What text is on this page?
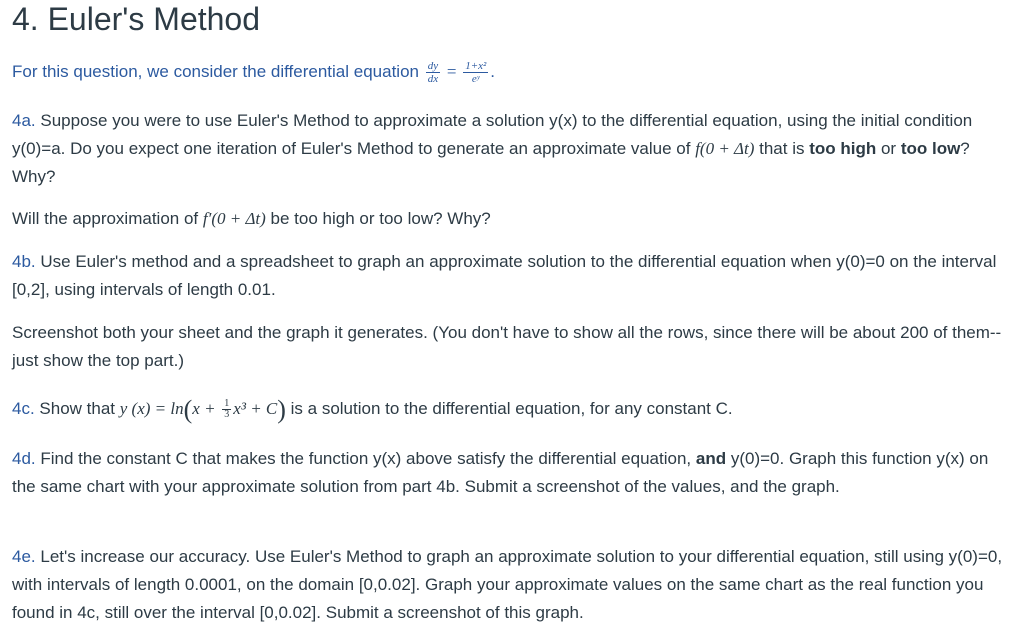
4. Euler's Method
For this question, we consider the differential equation $\frac{dy}{dx} = \frac{\text{1+x²}}{\text{eʸ}}$ .
4a. Suppose you were to use Euler's Method to approximate a solution y(x) to the differential equation, using the initial condition y(0)=a. Do you expect one iteration of Euler's Method to generate an approximate value of f(0 + Δt) that is too high or too low? Why?
Will the approximation of f′(0 + Δt) be too high or too low? Why?
4b. Use Euler's method and a spreadsheet to graph an approximate solution to the differential equation when y(0)=0 on the interval [0,2], using intervals of length 0.01.
Screenshot both your sheet and the graph it generates. (You don't have to show all the rows, since there will be about 200 of them--just show the top part.)
4c. Show that y $(x) = \ln(x + \frac{1}{3} x^3 + C)$ is a solution to the differential equation, for any constant C.
4d. Find the constant C that makes the function y(x) above satisfy the differential equation, and y(0)=0. Graph this function y(x) on the same chart with your approximate solution from part 4b. Submit a screenshot of the values, and the graph.
4e. Let's increase our accuracy. Use Euler's Method to graph an approximate solution to your differential equation, still using y(0)=0, with intervals of length 0.0001, on the domain [0,0.02]. Graph your approximate values on the same chart as the real function you found in 4c, still over the interval [0,0.02]. Submit a screenshot of this graph.
